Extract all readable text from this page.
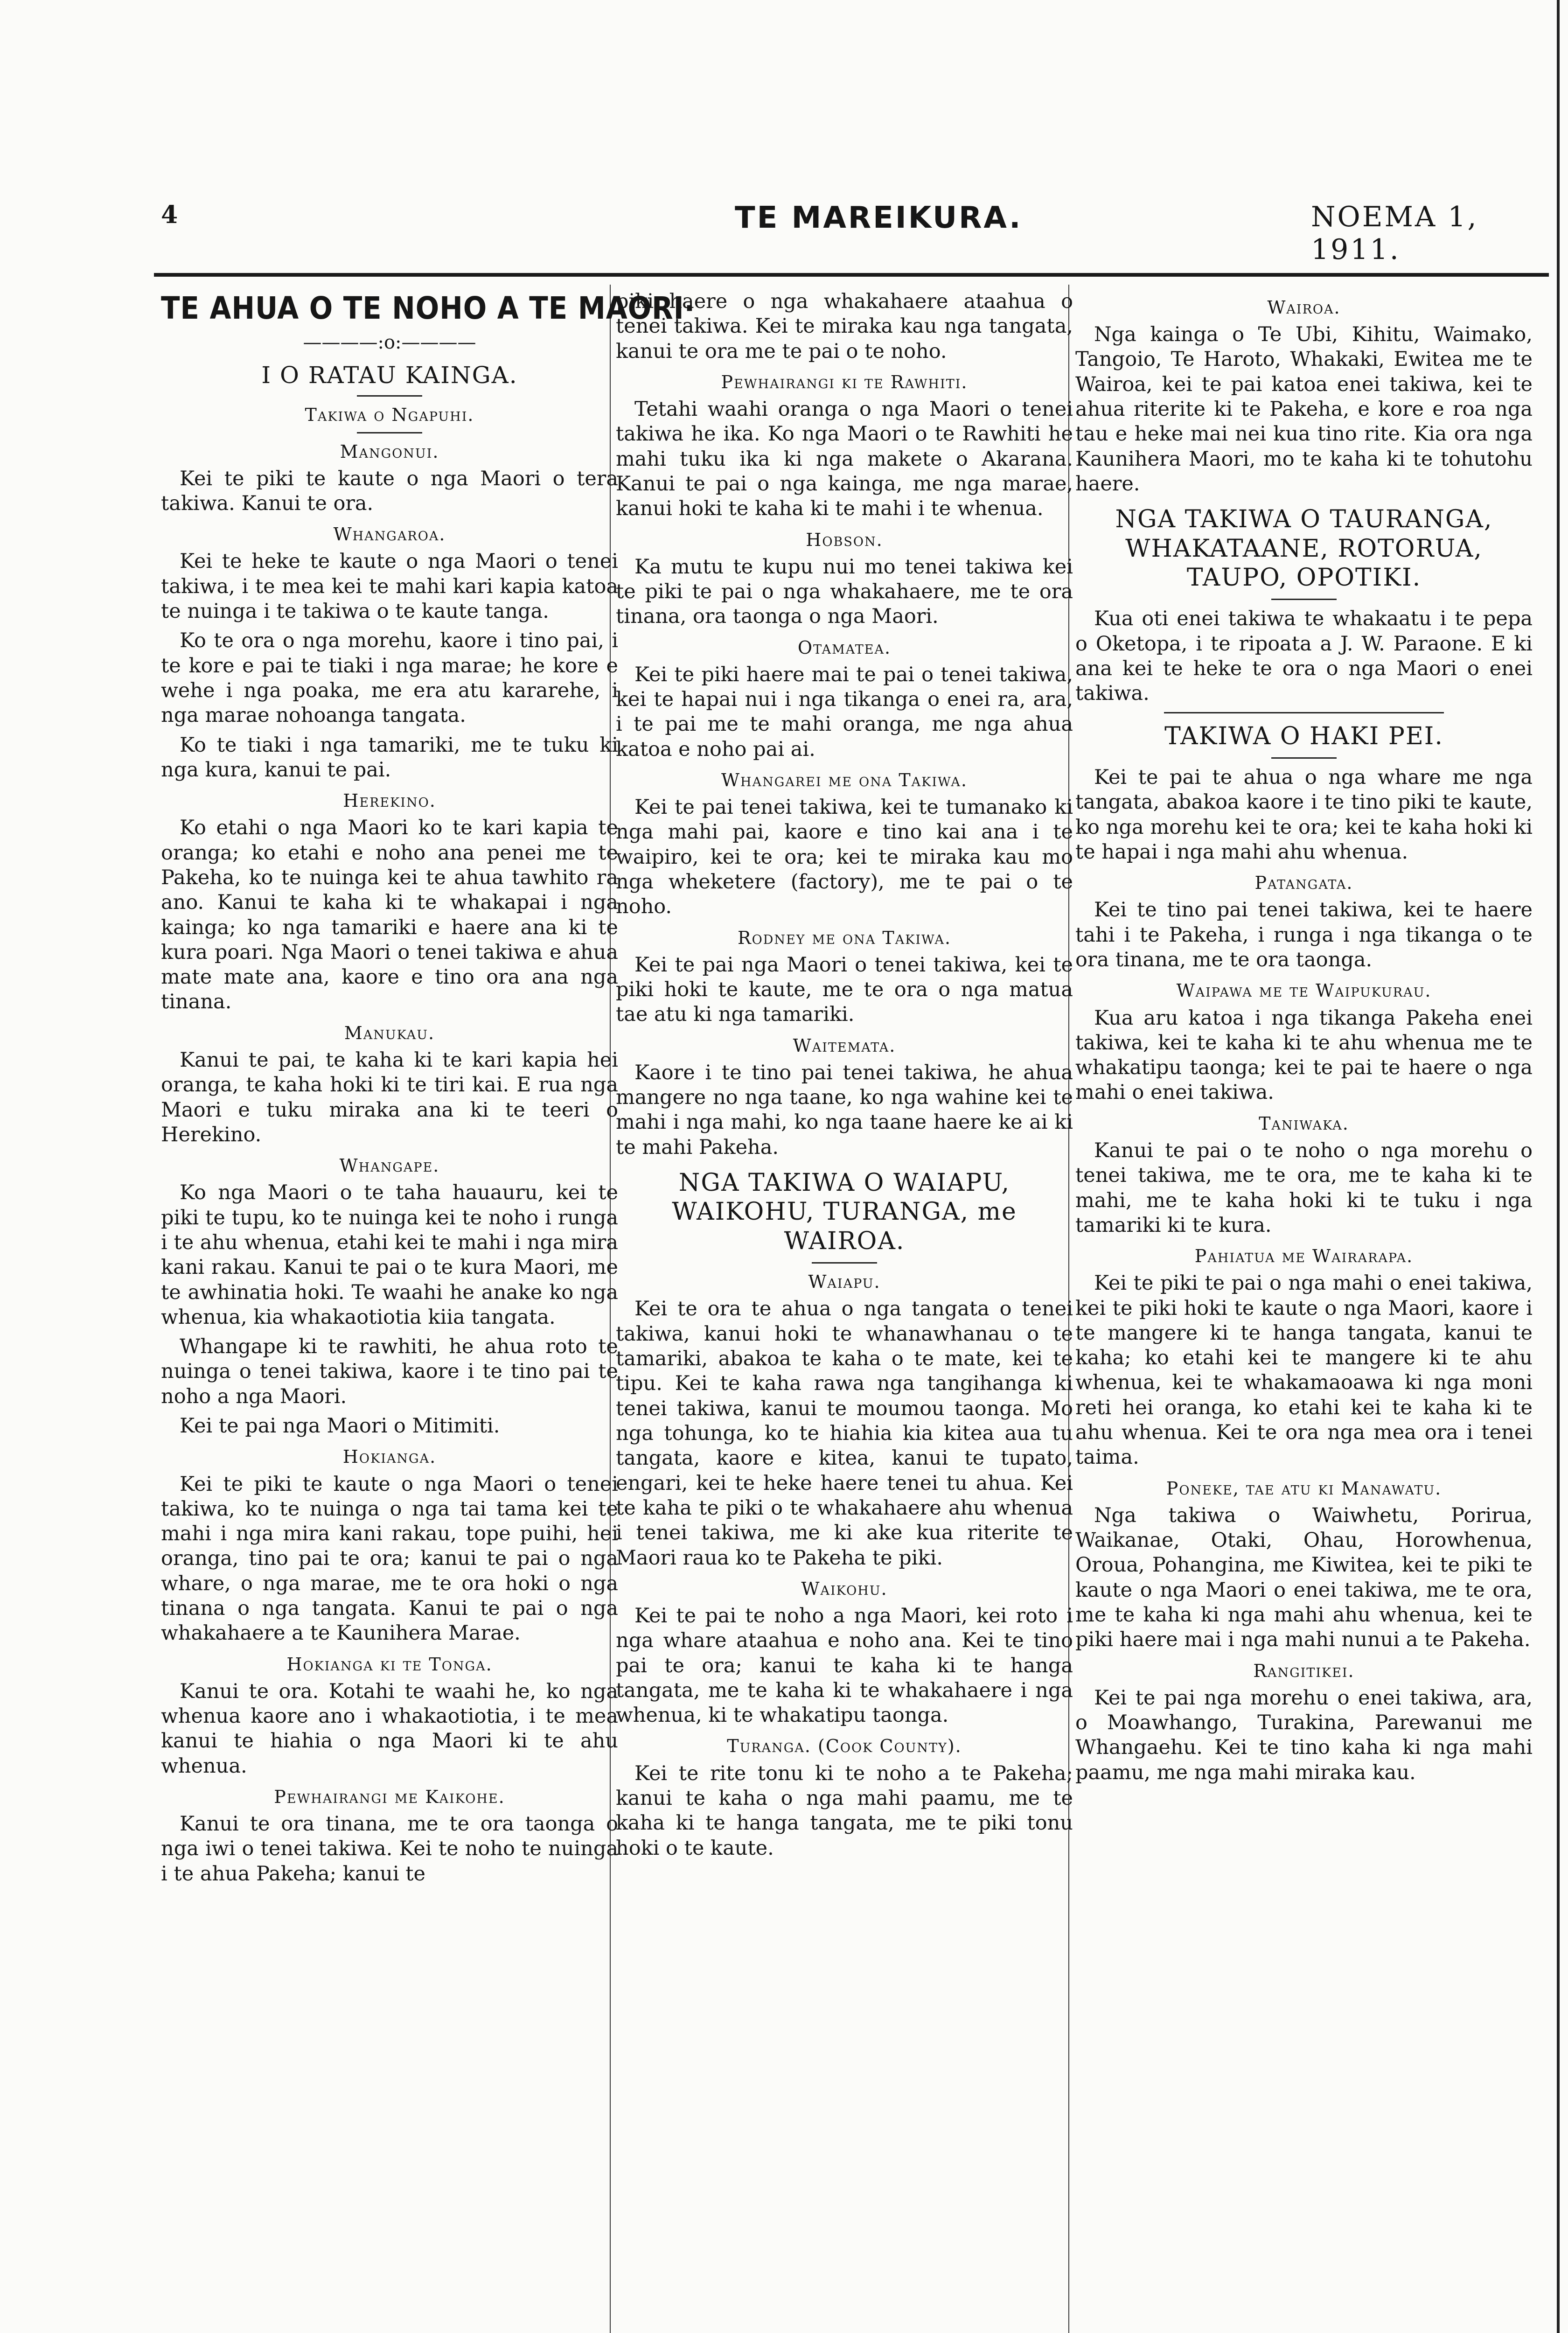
4	TE MAREIKURA.	NOEMA 1, 1911.
TE AHUA O TE NOHO A TE MAORI·
————:o:————
I O RATAU KAINGA.
Takiwa o Ngapuhi.
Mangonui.

Kei te piki te kaute o nga Maori o tera takiwa. Kanui te ora.

Whangaroa.

Kei te heke te kaute o nga Maori o tenei takiwa, i te mea kei te mahi kari kapia katoa te nuinga i te takiwa o te kaute tanga.

Ko te ora o nga morehu, kaore i tino pai, i te kore e pai te tiaki i nga marae; he kore e wehe i nga poaka, me era atu kararehe, i nga marae nohoanga tangata.

Ko te tiaki i nga tamariki, me te tuku ki nga kura, kanui te pai.

Herekino.

Ko etahi o nga Maori ko te kari kapia te oranga; ko etahi e noho ana penei me te Pakeha, ko te nuinga kei te ahua tawhito ra ano. Kanui te kaha ki te whakapai i nga kainga; ko nga tamariki e haere ana ki te kura poari. Nga Maori o tenei takiwa e ahua mate mate ana, kaore e tino ora ana nga tinana.

Manukau.

Kanui te pai, te kaha ki te kari kapia hei oranga, te kaha hoki ki te tiri kai. E rua nga Maori e tuku miraka ana ki te teeri o Herekino.

Whangape.

Ko nga Maori o te taha hauauru, kei te piki te tupu, ko te nuinga kei te noho i runga i te ahu whenua, etahi kei te mahi i nga mira kani rakau. Kanui te pai o te kura Maori, me te awhinatia hoki. Te waahi he anake ko nga whenua, kia whakaotiotia kiia tangata.

Whangape ki te rawhiti, he ahua roto te nuinga o tenei takiwa, kaore i te tino pai te noho a nga Maori.

Kei te pai nga Maori o Mitimiti.

Hokianga.

Kei te piki te kaute o nga Maori o tenei takiwa, ko te nuinga o nga tai tama kei te mahi i nga mira kani rakau, tope puihi, hei oranga, tino pai te ora; kanui te pai o nga whare, o nga marae, me te ora hoki o nga tinana o nga tangata. Kanui te pai o nga whakahaere a te Kaunihera Marae.

Hokianga ki te Tonga.

Kanui te ora. Kotahi te waahi he, ko nga whenua kaore ano i whakaotiotia, i te mea kanui te hiahia o nga Maori ki te ahu whenua.

Pewhairangi me Kaikohe.

Kanui te ora tinana, me te ora taonga o nga iwi o tenei takiwa. Kei te noho te nuinga i te ahua Pakeha; kanui te

piki haere o nga whakahaere ataahua o tenei takiwa. Kei te miraka kau nga tangata, kanui te ora me te pai o te noho.

Pewhairangi ki te Rawhiti.

Tetahi waahi oranga o nga Maori o tenei takiwa he ika. Ko nga Maori o te Rawhiti he mahi tuku ika ki nga makete o Akarana. Kanui te pai o nga kainga, me nga marae, kanui hoki te kaha ki te mahi i te whenua.

Hobson.

Ka mutu te kupu nui mo tenei takiwa kei te piki te pai o nga whakahaere, me te ora tinana, ora taonga o nga Maori.

Otamatea.

Kei te piki haere mai te pai o tenei takiwa, kei te hapai nui i nga tikanga o enei ra, ara, i te pai me te mahi oranga, me nga ahua katoa e noho pai ai.

Whangarei me ona Takiwa.

Kei te pai tenei takiwa, kei te tumanako ki nga mahi pai, kaore e tino kai ana i te waipiro, kei te ora; kei te miraka kau mo nga wheketere (factory), me te pai o te noho.

Rodney me ona Takiwa.

Kei te pai nga Maori o tenei takiwa, kei te piki hoki te kaute, me te ora o nga matua tae atu ki nga tamariki.

Waitemata.

Kaore i te tino pai tenei takiwa, he ahua mangere no nga taane, ko nga wahine kei te mahi i nga mahi, ko nga taane haere ke ai ki te mahi Pakeha.

NGA TAKIWA O WAIAPU, WAIKOHU, TURANGA, me WAIROA.
Waiapu.

Kei te ora te ahua o nga tangata o tenei takiwa, kanui hoki te whanawhanau o te tamariki, abakoa te kaha o te mate, kei te tipu. Kei te kaha rawa nga tangihanga ki tenei takiwa, kanui te moumou taonga. Mo nga tohunga, ko te hiahia kia kitea aua tu tangata, kaore e kitea, kanui te tupato, engari, kei te heke haere tenei tu ahua. Kei te kaha te piki o te whakahaere ahu whenua i tenei takiwa, me ki ake kua riterite te Maori raua ko te Pakeha te piki.

Waikohu.

Kei te pai te noho a nga Maori, kei roto i nga whare ataahua e noho ana. Kei te tino pai te ora; kanui te kaha ki te hanga tangata, me te kaha ki te whakahaere i nga whenua, ki te whakatipu taonga.

Turanga. (Cook County).

Kei te rite tonu ki te noho a te Pakeha; kanui te kaha o nga mahi paamu, me te kaha ki te hanga tangata, me te piki tonu hoki o te kaute.

Wairoa.

Nga kainga o Te Ubi, Kihitu, Waimako, Tangoio, Te Haroto, Whakaki, Ewitea me te Wairoa, kei te pai katoa enei takiwa, kei te ahua riterite ki te Pakeha, e kore e roa nga tau e heke mai nei kua tino rite. Kia ora nga Kaunihera Maori, mo te kaha ki te tohutohu haere.

NGA TAKIWA O TAURANGA, WHAKATAANE, ROTORUA, TAUPO, OPOTIKI.

Kua oti enei takiwa te whakaatu i te pepa o Oketopa, i te ripoata a J. W. Paraone. E ki ana kei te heke te ora o nga Maori o enei takiwa.

TAKIWA O HAKI PEI.

Kei te pai te ahua o nga whare me nga tangata, abakoa kaore i te tino piki te kaute, ko nga morehu kei te ora; kei te kaha hoki ki te hapai i nga mahi ahu whenua.

Patangata.

Kei te tino pai tenei takiwa, kei te haere tahi i te Pakeha, i runga i nga tikanga o te ora tinana, me te ora taonga.

Waipawa me te Waipukurau.

Kua aru katoa i nga tikanga Pakeha enei takiwa, kei te kaha ki te ahu whenua me te whakatipu taonga; kei te pai te haere o nga mahi o enei takiwa.

Taniwaka.

Kanui te pai o te noho o nga morehu o tenei takiwa, me te ora, me te kaha ki te mahi, me te kaha hoki ki te tuku i nga tamariki ki te kura.

Pahiatua me Wairarapa.

Kei te piki te pai o nga mahi o enei takiwa, kei te piki hoki te kaute o nga Maori, kaore i te mangere ki te hanga tangata, kanui te kaha; ko etahi kei te mangere ki te ahu whenua, kei te whakamaoawa ki nga moni reti hei oranga, ko etahi kei te kaha ki te ahu whenua. Kei te ora nga mea ora i tenei taima.

Poneke, tae atu ki Manawatu.

Nga takiwa o Waiwhetu, Porirua, Waikanae, Otaki, Ohau, Horowhenua, Oroua, Pohangina, me Kiwitea, kei te piki te kaute o nga Maori o enei takiwa, me te ora, me te kaha ki nga mahi ahu whenua, kei te piki haere mai i nga mahi nunui a te Pakeha.

Rangitikei.

Kei te pai nga morehu o enei takiwa, ara, o Moawhango, Turakina, Parewanui me Whangaehu. Kei te tino kaha ki nga mahi paamu, me nga mahi miraka kau.
